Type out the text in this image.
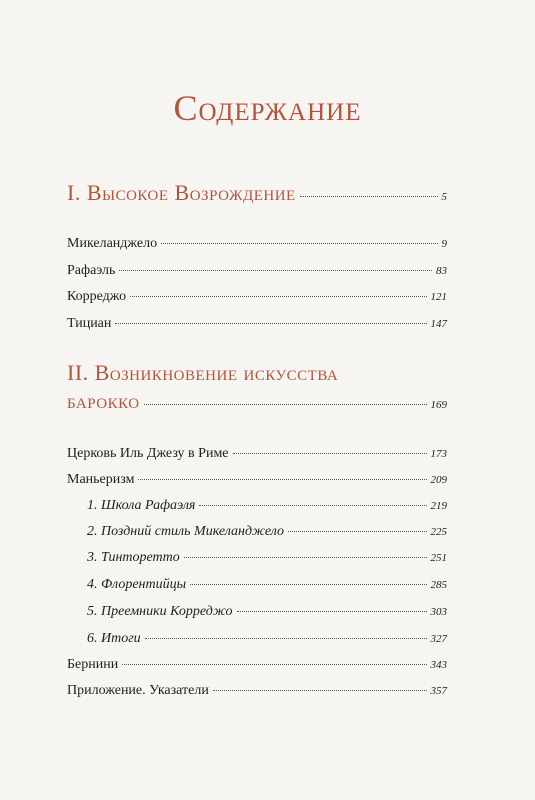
Содержание
I. Высокое Возрождение	5
Микеланджело	9
Рафаэль	83
Корреджо	121
Тициан	147
II. Возникновение искусства
барокко	169
Церковь Иль Джезу в Риме	173
Маньеризм	209
1. Школа Рафаэля	219
2. Поздний стиль Микеланджело	225
3. Тинторетто	251
4. Флорентийцы	285
5. Преемники Корреджо	303
6. Итоги	327
Бернини	343
Приложение. Указатели	357
